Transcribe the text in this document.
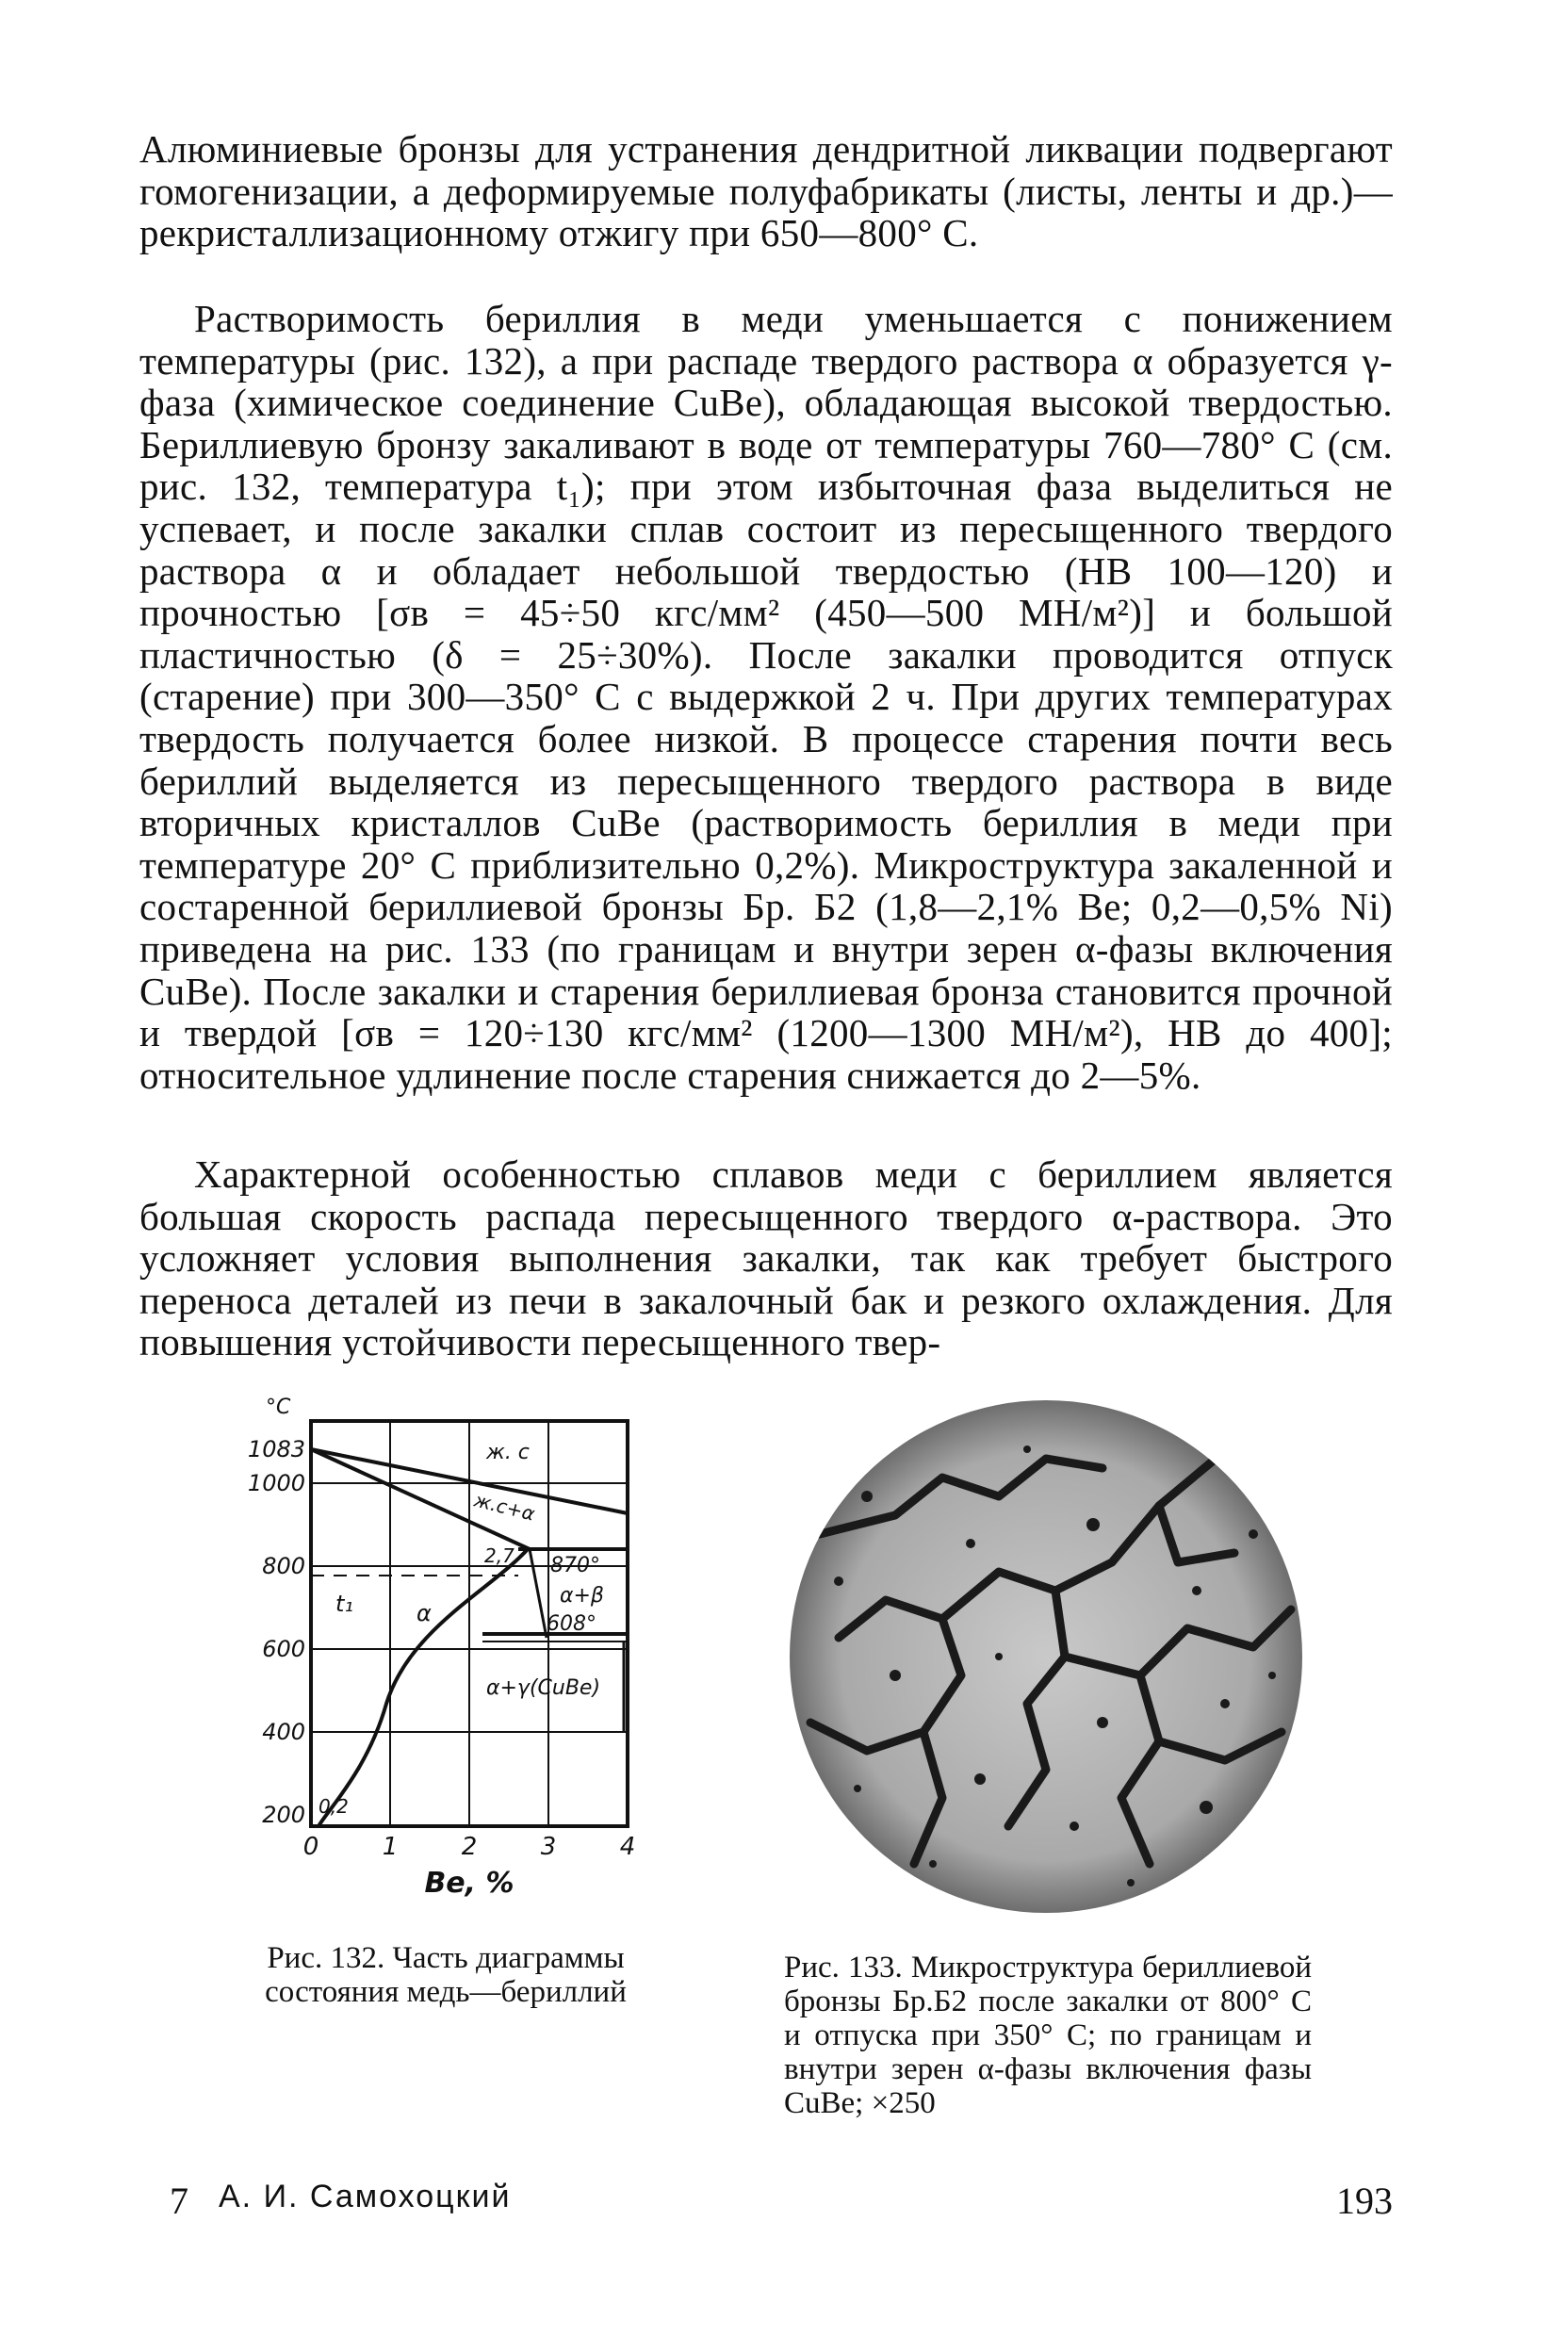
Алюминиевые бронзы для устранения дендритной ликвации подвергают гомогенизации, а деформируемые полуфабрикаты (листы, ленты и др.)—рекристаллизационному отжигу при 650—800° С.

Растворимость бериллия в меди уменьшается с понижением температуры (рис. 132), а при распаде твердого раствора α образуется γ-фаза (химическое соединение CuBe), обладающая высокой твердостью. Бериллиевую бронзу закаливают в воде от температуры 760—780° С (см. рис. 132, температура t₁); при этом избыточная фаза выделиться не успевает, и после закалки сплав состоит из пересыщенного твердого раствора α и обладает небольшой твердостью (HB 100—120) и прочностью [σв = 45÷50 кгс/мм² (450—500 МН/м²)] и большой пластичностью (δ = 25÷30%). После закалки проводится отпуск (старение) при 300—350° С с выдержкой 2 ч. При других температурах твердость получается более низкой. В процессе старения почти весь бериллий выделяется из пересыщенного твердого раствора в виде вторичных кристаллов CuBe (растворимость бериллия в меди при температуре 20° С приблизительно 0,2%). Микроструктура закаленной и состаренной бериллиевой бронзы Бр. Б2 (1,8—2,1% Be; 0,2—0,5% Ni) приведена на рис. 133 (по границам и внутри зерен α-фазы включения CuBe). После закалки и старения бериллиевая бронза становится прочной и твердой [σв = 120÷130 кгс/мм² (1200—1300 МН/м²), HB до 400]; относительное удлинение после старения снижается до 2—5%.

Характерной особенностью сплавов меди с бериллием является большая скорость распада пересыщенного твердого α-раствора. Это усложняет условия выполнения закалки, так как требует быстрого переноса деталей из печи в закалочный бак и резкого охлаждения. Для повышения устойчивости пересыщенного твер-

°C
1083
1000
800
600
400
200
0	1	2	3	4
Be, %
ж. с
ж.с+α
α
α+β
α+γ(CuBe)
t₁
2,7 870°
608°
0,2

Рис. 132. Часть диаграммы состояния медь—бериллий

Рис. 133. Микроструктура бериллиевой бронзы Бр.Б2 после закалки от 800° С и отпуска при 350° С; по границам и внутри зерен α-фазы включения фазы CuBe; ×250

7 А. И. Самохоцкий	193
